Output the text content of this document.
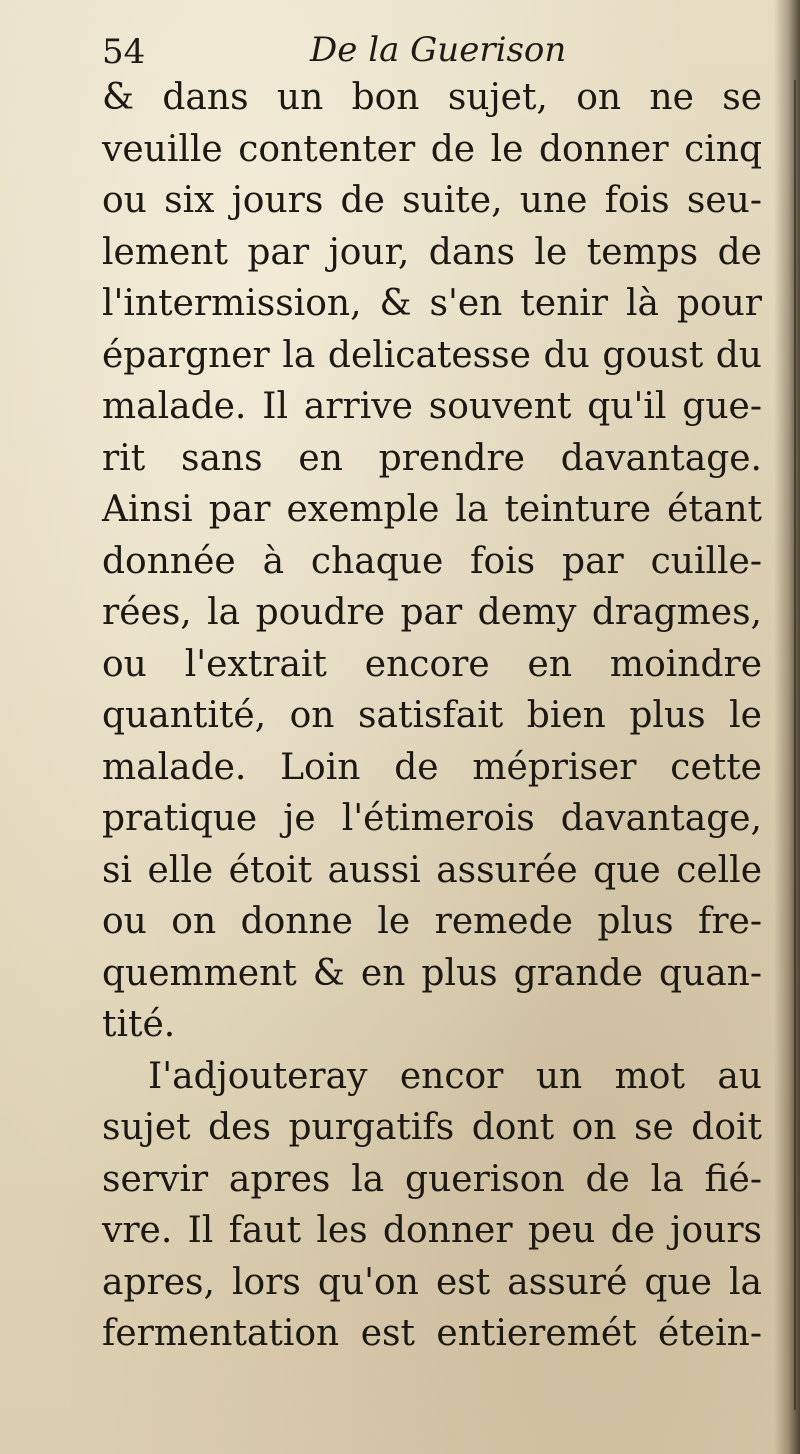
54	De la Guerison
& dans un bon sujet, on ne se
veuille contenter de le donner cinq
ou six jours de suite, une fois seu-
lement par jour, dans le temps de
l'intermission, & s'en tenir là pour
épargner la delicatesse du goust du
malade. Il arrive souvent qu'il gue-
rit sans en prendre davantage.
Ainsi par exemple la teinture étant
donnée à chaque fois par cuille-
rées, la poudre par demy dragmes,
ou l'extrait encore en moindre
quantité, on satisfait bien plus le
malade. Loin de mépriser cette
pratique je l'étimerois davantage,
si elle étoit aussi assurée que celle
ou on donne le remede plus fre-
quemment & en plus grande quan-
tité.
I'adjouteray encor un mot au
sujet des purgatifs dont on se doit
servir apres la guerison de la fié-
vre. Il faut les donner peu de jours
apres, lors qu'on est assuré que la
fermentation est entieremét étein-
